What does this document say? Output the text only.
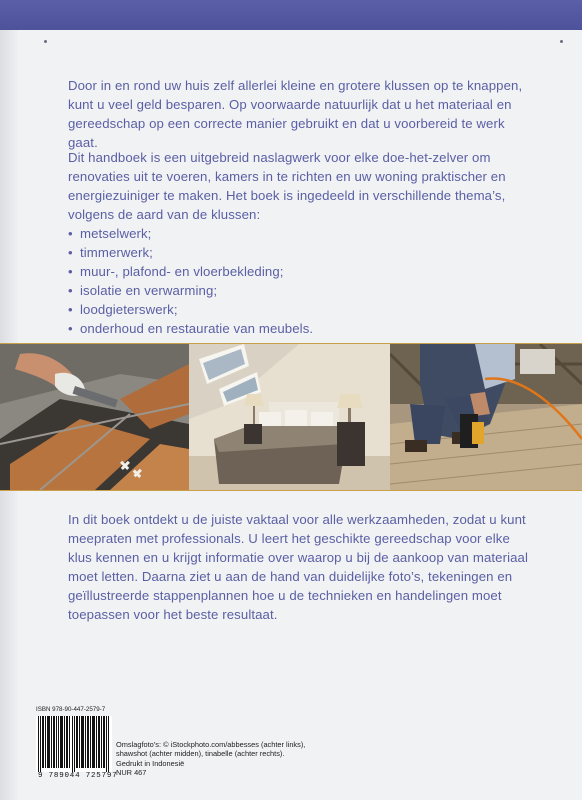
Door in en rond uw huis zelf allerlei kleine en grotere klussen op te knappen, kunt u veel geld besparen. Op voorwaarde natuurlijk dat u het materiaal en gereedschap op een correcte manier gebruikt en dat u voorbereid te werk gaat.

Dit handboek is een uitgebreid naslagwerk voor elke doe-het-zelver om renovaties uit te voeren, kamers in te richten en uw woning praktischer en energiezuiniger te maken. Het boek is ingedeeld in verschillende thema’s, volgens de aard van de klussen:

• metselwerk;
• timmerwerk;
• muur-, plafond- en vloerbekleding;
• isolatie en verwarming;
• loodgieterswerk;
• onderhoud en restauratie van meubels.

In dit boek ontdekt u de juiste vaktaal voor alle werkzaamheden, zodat u kunt meepraten met professionals. U leert het geschikte gereedschap voor elke klus kennen en u krijgt informatie over waarop u bij de aankoop van materiaal moet letten. Daarna ziet u aan de hand van duidelijke foto’s, tekeningen en geïllustreerde stappenplannen hoe u de technieken en handelingen moet toepassen voor het beste resultaat.

ISBN 978-90-447-2579-7
9 789044 725797
Omslagfoto’s: © iStockphoto.com/abbesses (achter links),
shawshot (achter midden), tinabelle (achter rechts).
Gedrukt in Indonesië
NUR 467
